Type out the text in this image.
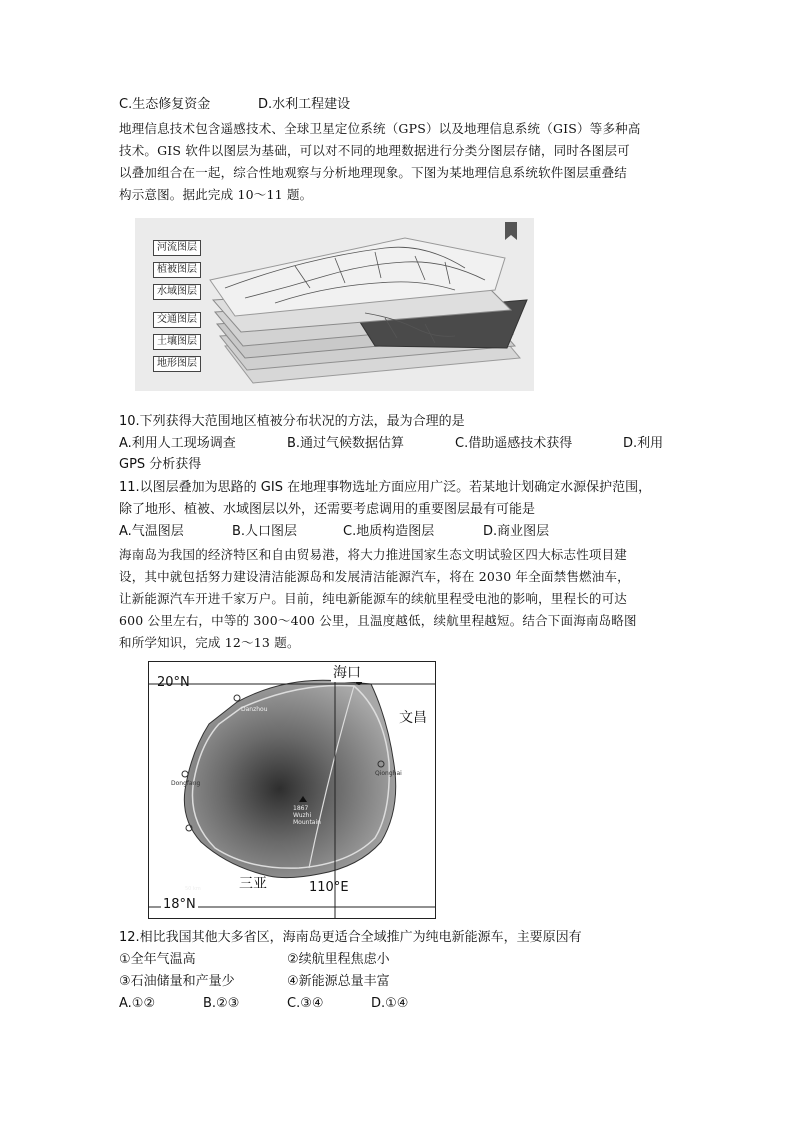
C.生态修复资金	D.水利工程建设
地理信息技术包含遥感技术、全球卫星定位系统（GPS）以及地理信息系统（GIS）等多种高
技术。GIS 软件以图层为基础，可以对不同的地理数据进行分类分图层存储，同时各图层可
以叠加组合在一起，综合性地观察与分析地理现象。下图为某地理信息系统软件图层重叠结
构示意图。据此完成 10～11 题。
河流图层
植被图层
水域图层
交通图层
土壤图层
地形图层
10.下列获得大范围地区植被分布状况的方法，最为合理的是
A.利用人工现场调查	B.通过气候数据估算	C.借助遥感技术获得	D.利用
GPS 分析获得
11.以图层叠加为思路的 GIS 在地理事物选址方面应用广泛。若某地计划确定水源保护范围，
除了地形、植被、水域图层以外，还需要考虑调用的重要图层最有可能是
A.气温图层	B.人口图层	C.地质构造图层	D.商业图层
海南岛为我国的经济特区和自由贸易港，将大力推进国家生态文明试验区四大标志性项目建
设，其中就包括努力建设清洁能源岛和发展清洁能源汽车，将在 2030 年全面禁售燃油车，
让新能源汽车开进千家万户。目前，纯电新能源车的续航里程受电池的影响，里程长的可达
600 公里左右，中等的 300～400 公里，且温度越低，续航里程越短。结合下面海南岛略图
和所学知识，完成 12～13 题。
20°N
海口
文昌
三亚	110°E
18°N
Danzhou
Dongfang
Qionghai
1867 Wuzhi Mountain
50 km
12.相比我国其他大多省区，海南岛更适合全域推广为纯电新能源车，主要原因有
①全年气温高	②续航里程焦虑小
③石油储量和产量少	④新能源总量丰富
A.①②	B.②③	C.③④	D.①④
